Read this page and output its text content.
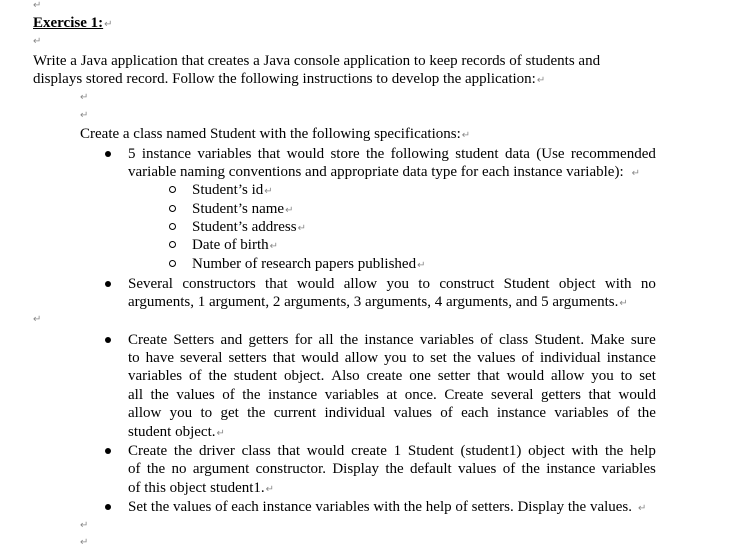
↵
↵
↵
↵
↵
↵
↵
Exercise 1:↵
Write a Java application that creates a Java console application to keep records of students and
displays stored record. Follow the following instructions to develop the application:↵
Create a class named Student with the following specifications:↵
5 instance variables that would store the following student data (Use recommended
variable naming conventions and appropriate data type for each instance variable): ↵
Student’s id↵
Student’s name↵
Student’s address↵
Date of birth↵
Number of research papers published↵
Several constructors that would allow you to construct Student object with no
arguments, 1 argument, 2 arguments, 3 arguments, 4 arguments, and 5 arguments.↵
Create Setters and getters for all the instance variables of class Student. Make sure
to have several setters that would allow you to set the values of individual instance
variables of the student object. Also create one setter that would allow you to set
all the values of the instance variables at once. Create several getters that would
allow you to get the current individual values of each instance variables of the
student object.↵
Create the driver class that would create 1 Student (student1) object with the help
of the no argument constructor. Display the default values of the instance variables
of this object student1.↵
Set the values of each instance variables with the help of setters. Display the values. ↵
